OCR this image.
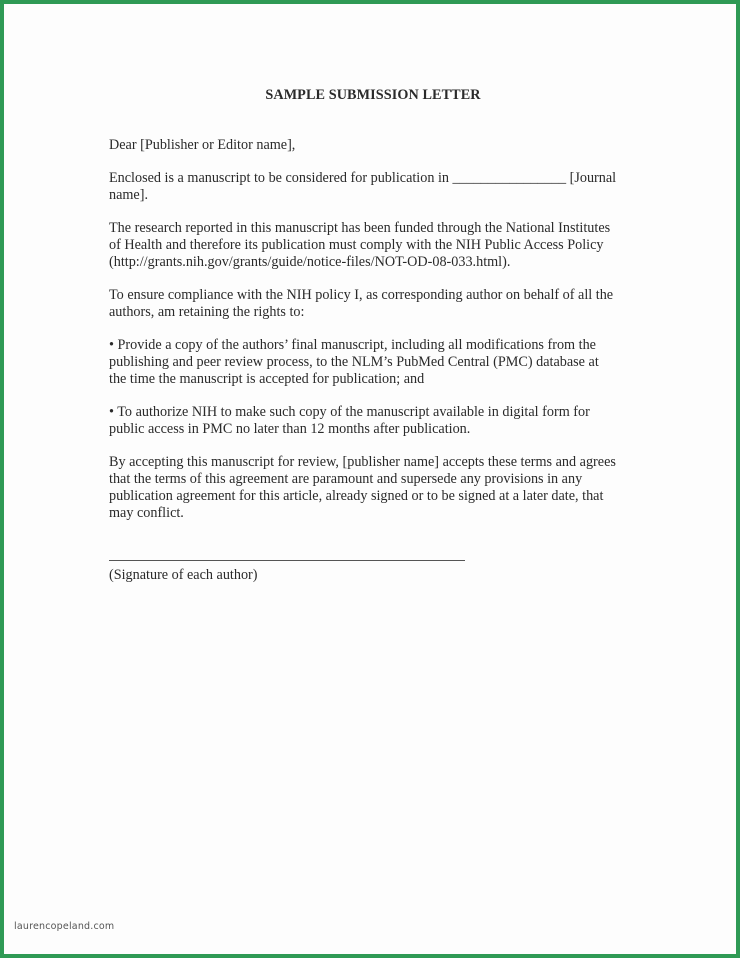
SAMPLE SUBMISSION LETTER

Dear [Publisher or Editor name],

Enclosed is a manuscript to be considered for publication in ________________ [Journal
name].

The research reported in this manuscript has been funded through the National Institutes
of Health and therefore its publication must comply with the NIH Public Access Policy
(http://grants.nih.gov/grants/guide/notice-files/NOT-OD-08-033.html).

To ensure compliance with the NIH policy I, as corresponding author on behalf of all the
authors, am retaining the rights to:

• Provide a copy of the authors’ final manuscript, including all modifications from the
publishing and peer review process, to the NLM’s PubMed Central (PMC) database at
the time the manuscript is accepted for publication; and

• To authorize NIH to make such copy of the manuscript available in digital form for
public access in PMC no later than 12 months after publication.

By accepting this manuscript for review, [publisher name] accepts these terms and agrees
that the terms of this agreement are paramount and supersede any provisions in any
publication agreement for this article, already signed or to be signed at a later date, that
may conflict.

(Signature of each author)

laurencopeland.com
